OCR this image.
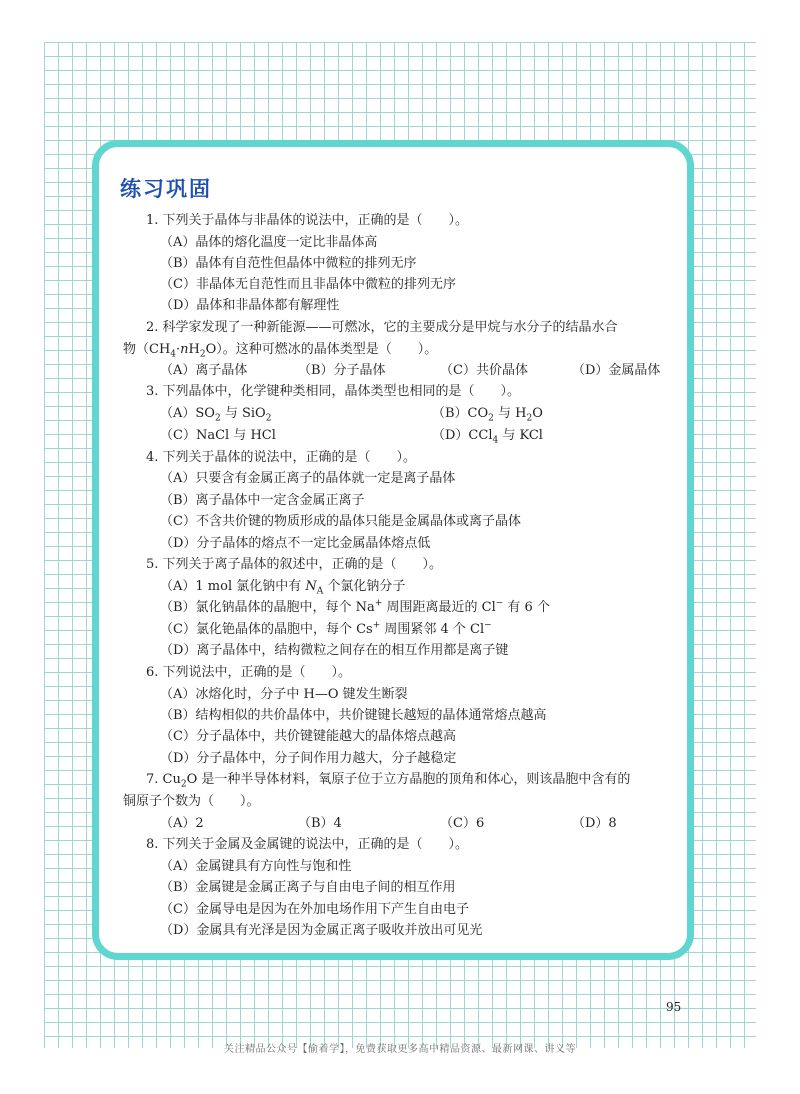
练习巩固
1. 下列关于晶体与非晶体的说法中，正确的是（　　）。
（A）晶体的熔化温度一定比非晶体高
（B）晶体有自范性但晶体中微粒的排列无序
（C）非晶体无自范性而且非晶体中微粒的排列无序
（D）晶体和非晶体都有解理性
2. 科学家发现了一种新能源——可燃冰，它的主要成分是甲烷与水分子的结晶水合
物$(CH_4\cdot nH_2O)$。这种可燃冰的晶体类型是（　　）。
（A）离子晶体	（B）分子晶体	（C）共价晶体	（D）金属晶体
3. 下列晶体中，化学键种类相同，晶体类型也相同的是（　　）。
$(A)SO_2$ 与 SiO$_2$	$(B)CO_2$ 与 $H_2O$
（C）NaCl 与 HCl	（D）CCl$_4$ 与 KCl
4. 下列关于晶体的说法中，正确的是（　　）。
（A）只要含有金属正离子的晶体就一定是离子晶体
（B）离子晶体中一定含金属正离子
（C）不含共价键的物质形成的晶体只能是金属晶体或离子晶体
（D）分子晶体的熔点不一定比金属晶体熔点低
5. 下列关于离子晶体的叙述中，正确的是（　　）。
（A）1 mol 氯化钠中有 $N_A$ 个氯化钠分子
（B）氯化钠晶体的晶胞中，每个 Na+ 周围距离最近的 Cl− 有 6 个
（C）氯化铯晶体的晶胞中，每个 Cs+ 周围紧邻 4 个 Cl−
（D）离子晶体中，结构微粒之间存在的相互作用都是离子键
6. 下列说法中，正确的是（　　）。
（A）冰熔化时，分子中 H—O 键发生断裂
（B）结构相似的共价晶体中，共价键键长越短的晶体通常熔点越高
（C）分子晶体中，共价键键能越大的晶体熔点越高
（D）分子晶体中，分子间作用力越大，分子越稳定
7. $Cu_2O$ 是一种半导体材料，氧原子位于立方晶胞的顶角和体心，则该晶胞中含有的
铜原子个数为（　　）。
（A）2	（B）4	（C）6	（D）8
8. 下列关于金属及金属键的说法中，正确的是（　　）。
（A）金属键具有方向性与饱和性
（B）金属键是金属正离子与自由电子间的相互作用
（C）金属导电是因为在外加电场作用下产生自由电子
（D）金属具有光泽是因为金属正离子吸收并放出可见光
95
关注精品公众号【偷着学】，免费获取更多高中精品资源、最新网课、讲义等
